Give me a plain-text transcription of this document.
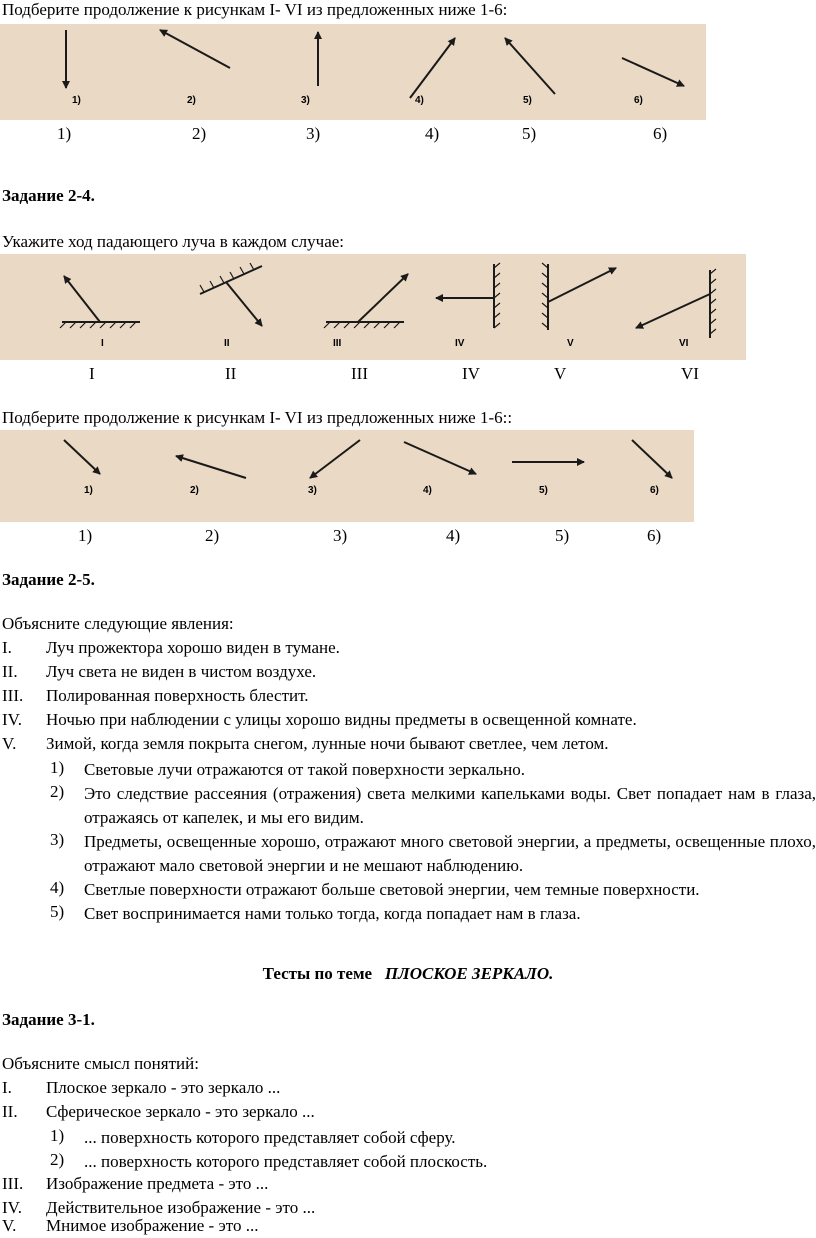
Подберите продолжение к рисункам I- VI из предложенных ниже 1-6:
1)	2)	3)	4)	5)	6)
1)	2)	3)	4)	5)	6)
Задание 2-4.
Укажите ход падающего луча в каждом случае:
I	II	III	IV	V	VI
I	II	III	IV	V	VI
Подберите продолжение к рисункам I- VI из предложенных ниже 1-6::
1)	2)	3)	4)	5)	6)
1)	2)	3)	4)	5)	6)
Задание 2-5.
Объясните следующие явления:
I.	Луч прожектора хорошо виден в тумане.
II.	Луч света не виден в чистом воздухе.
III.	Полированная поверхность блестит.
IV.	Ночью при наблюдении с улицы хорошо видны предметы в освещенной комнате.
V.	Зимой, когда земля покрыта снегом, лунные ночи бывают светлее, чем летом.
1) Световые лучи отражаются от такой поверхности зеркально.
2) Это следствие рассеяния (отражения) света мелкими капельками воды. Свет попадает нам в глаза, отражаясь от капелек, и мы его видим.
3) Предметы, освещенные хорошо, отражают много световой энергии, а предметы, освещенные плохо, отражают мало световой энергии и не мешают наблюдению.
4) Светлые поверхности отражают больше световой энергии, чем темные поверхности.
5) Свет воспринимается нами только тогда, когда попадает нам в глаза.
Тесты по теме ПЛОСКОЕ ЗЕРКАЛО.
Задание 3-1.
Объясните смысл понятий:
I.	Плоское зеркало - это зеркало ...
II.	Сферическое зеркало - это зеркало ...
1) ... поверхность которого представляет собой сферу.
2) ... поверхность которого представляет собой плоскость.
III.	Изображение предмета - это ...
IV.	Действительное изображение - это ...
V.	Мнимое изображение - это ...
